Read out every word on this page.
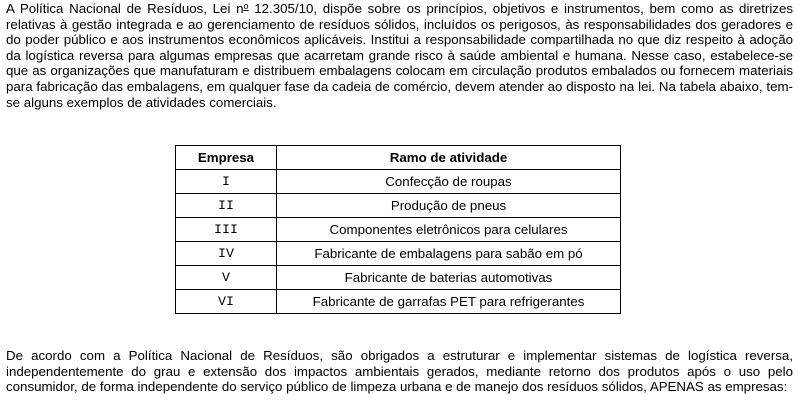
A Política Nacional de Resíduos, Lei $n^o$ 12.305/10, dispõe sobre os princípios, objetivos e instrumentos, bem como as diretrizes relativas à gestão integrada e ao gerenciamento de resíduos sólidos, incluídos os perigosos, às responsabilidades dos geradores e do poder público e aos instrumentos econômicos aplicáveis. Institui a responsabilidade compartilhada no que diz respeito à adoção da logística reversa para algumas empresas que acarretam grande risco à saúde ambiental e humana. Nesse caso, estabelece-se que as organizações que manufaturam e distribuem embalagens colocam em circulação produtos embalados ou fornecem materiais para fabricação das embalagens, em qualquer fase da cadeia de comércio, devem atender ao disposto na lei. Na tabela abaixo, tem-se alguns exemplos de atividades comerciais.

Empresa	Ramo de atividade
I	Confecção de roupas
II	Produção de pneus
III	Componentes eletrônicos para celulares
IV	Fabricante de embalagens para sabão em pó
V	Fabricante de baterias automotivas
VI	Fabricante de garrafas PET para refrigerantes

De acordo com a Política Nacional de Resíduos, são obrigados a estruturar e implementar sistemas de logística reversa, independentemente do grau e extensão dos impactos ambientais gerados, mediante retorno dos produtos após o uso pelo consumidor, de forma independente do serviço público de limpeza urbana e de manejo dos resíduos sólidos, APENAS as empresas:
